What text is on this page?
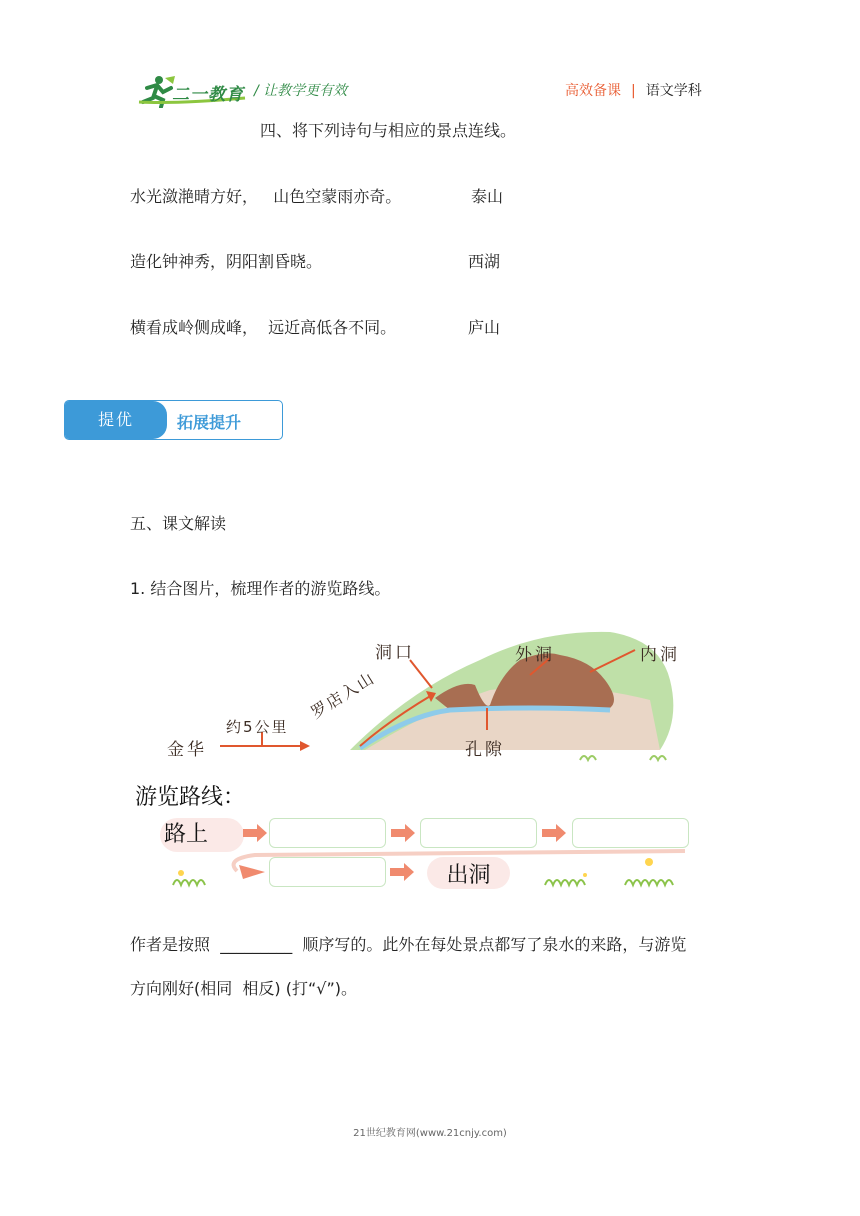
二一教育 / 让教学更有效	高效备课 | 语文学科
四、将下列诗句与相应的景点连线。
水光潋滟晴方好，   山色空蒙雨亦奇。	泰山
造化钟神秀，阴阳割昏晓。	西湖
横看成岭侧成峰，  远近高低各不同。	庐山
提优	拓展提升
五、课文解读
1. 结合图片，梳理作者的游览路线。
洞口	外洞	内洞
金华
约5公里
罗店入山
孔隙
游览路线：
路上
出洞
作者是按照 _________ 顺序写的。此外在每处景点都写了泉水的来路，与游览
方向刚好(相同  相反) (打“√”)。
21世纪教育网(www.21cnjy.com)
